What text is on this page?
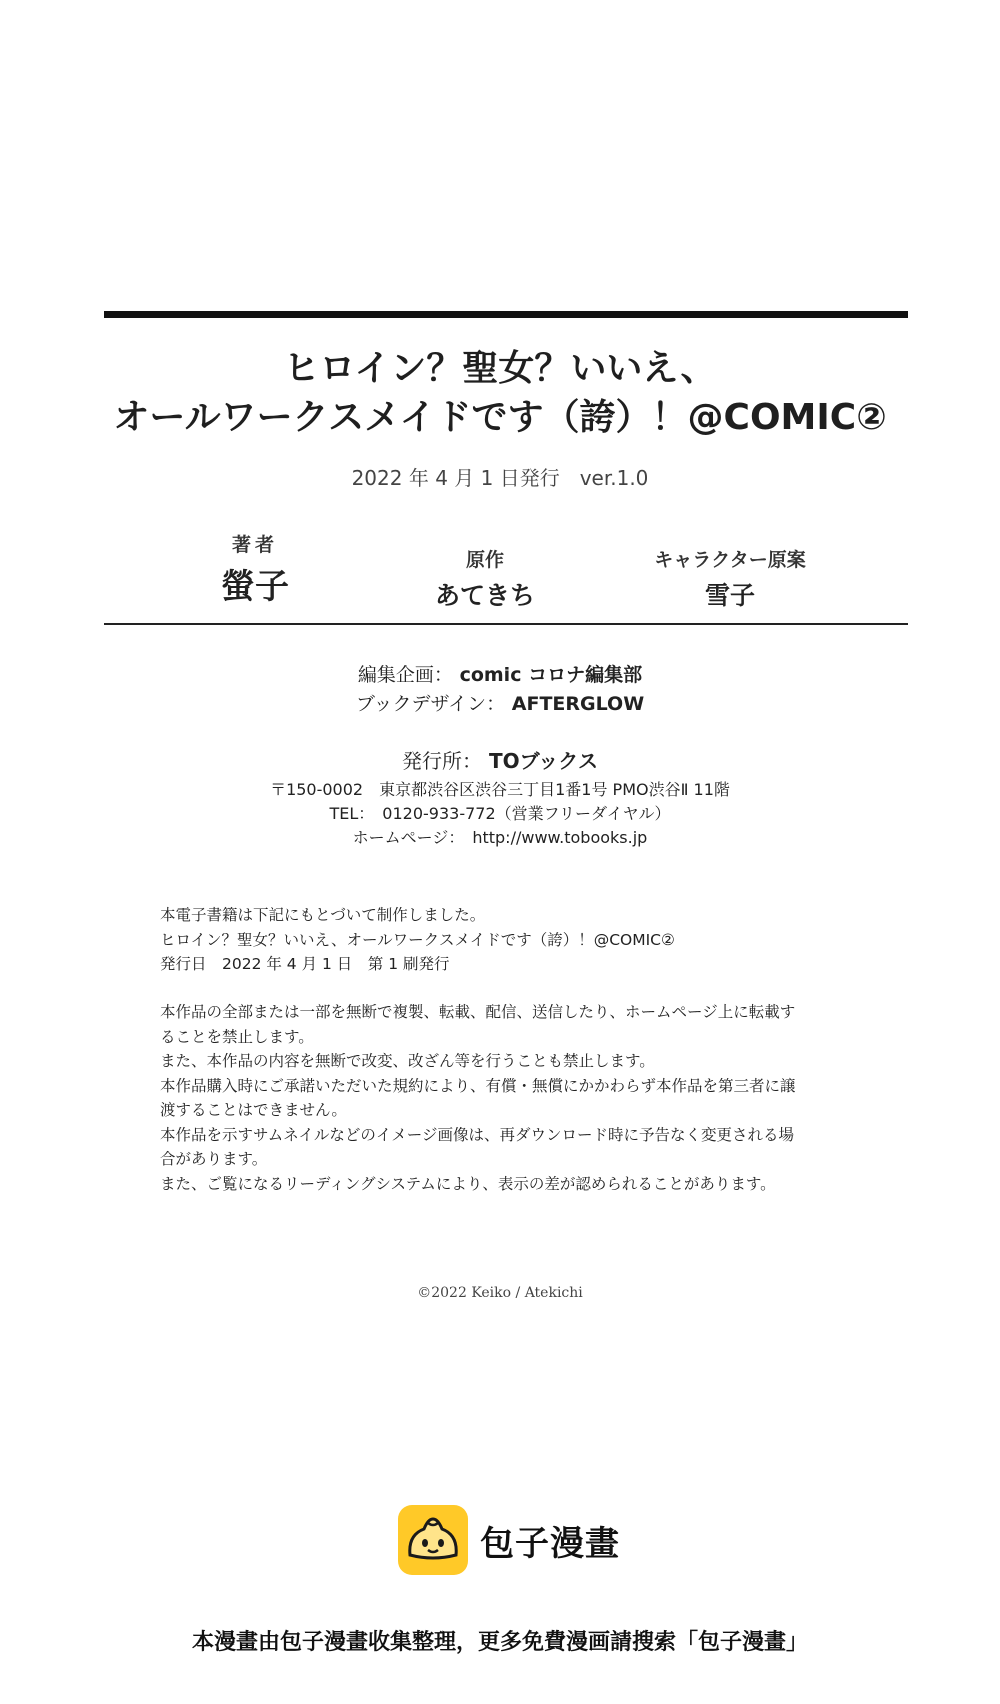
ヒロイン？聖女？いいえ、
オールワークスメイドです（誇）！@COMIC②
2022 年 4 月 1 日発行　ver.1.0
著者
螢子
原作
あてきち
キャラクター原案
雪子
編集企画： comic コロナ編集部
ブックデザイン： AFTERGLOW
発行所： TOブックス
〒150-0002　東京都渋谷区渋谷三丁目1番1号 PMO渋谷Ⅱ 11階
TEL：　0120-933-772（営業フリーダイヤル）
ホームページ：　http://www.tobooks.jp

本電子書籍は下記にもとづいて制作しました。

ヒロイン？聖女？いいえ、オールワークスメイドです（誇）！@COMIC②

発行日　2022 年 4 月 1 日　第 1 刷発行

本作品の全部または一部を無断で複製、転載、配信、送信したり、ホームページ上に転載す

ることを禁止します。

また、本作品の内容を無断で改変、改ざん等を行うことも禁止します。

本作品購入時にご承諾いただいた規約により、有償・無償にかかわらず本作品を第三者に譲

渡することはできません。

本作品を示すサムネイルなどのイメージ画像は、再ダウンロード時に予告なく変更される場

合があります。

また、ご覧になるリーディングシステムにより、表示の差が認められることがあります。

©2022 Keiko / Atekichi
包子漫畫
本漫畫由包子漫畫收集整理，更多免費漫画請搜索「包子漫畫」
